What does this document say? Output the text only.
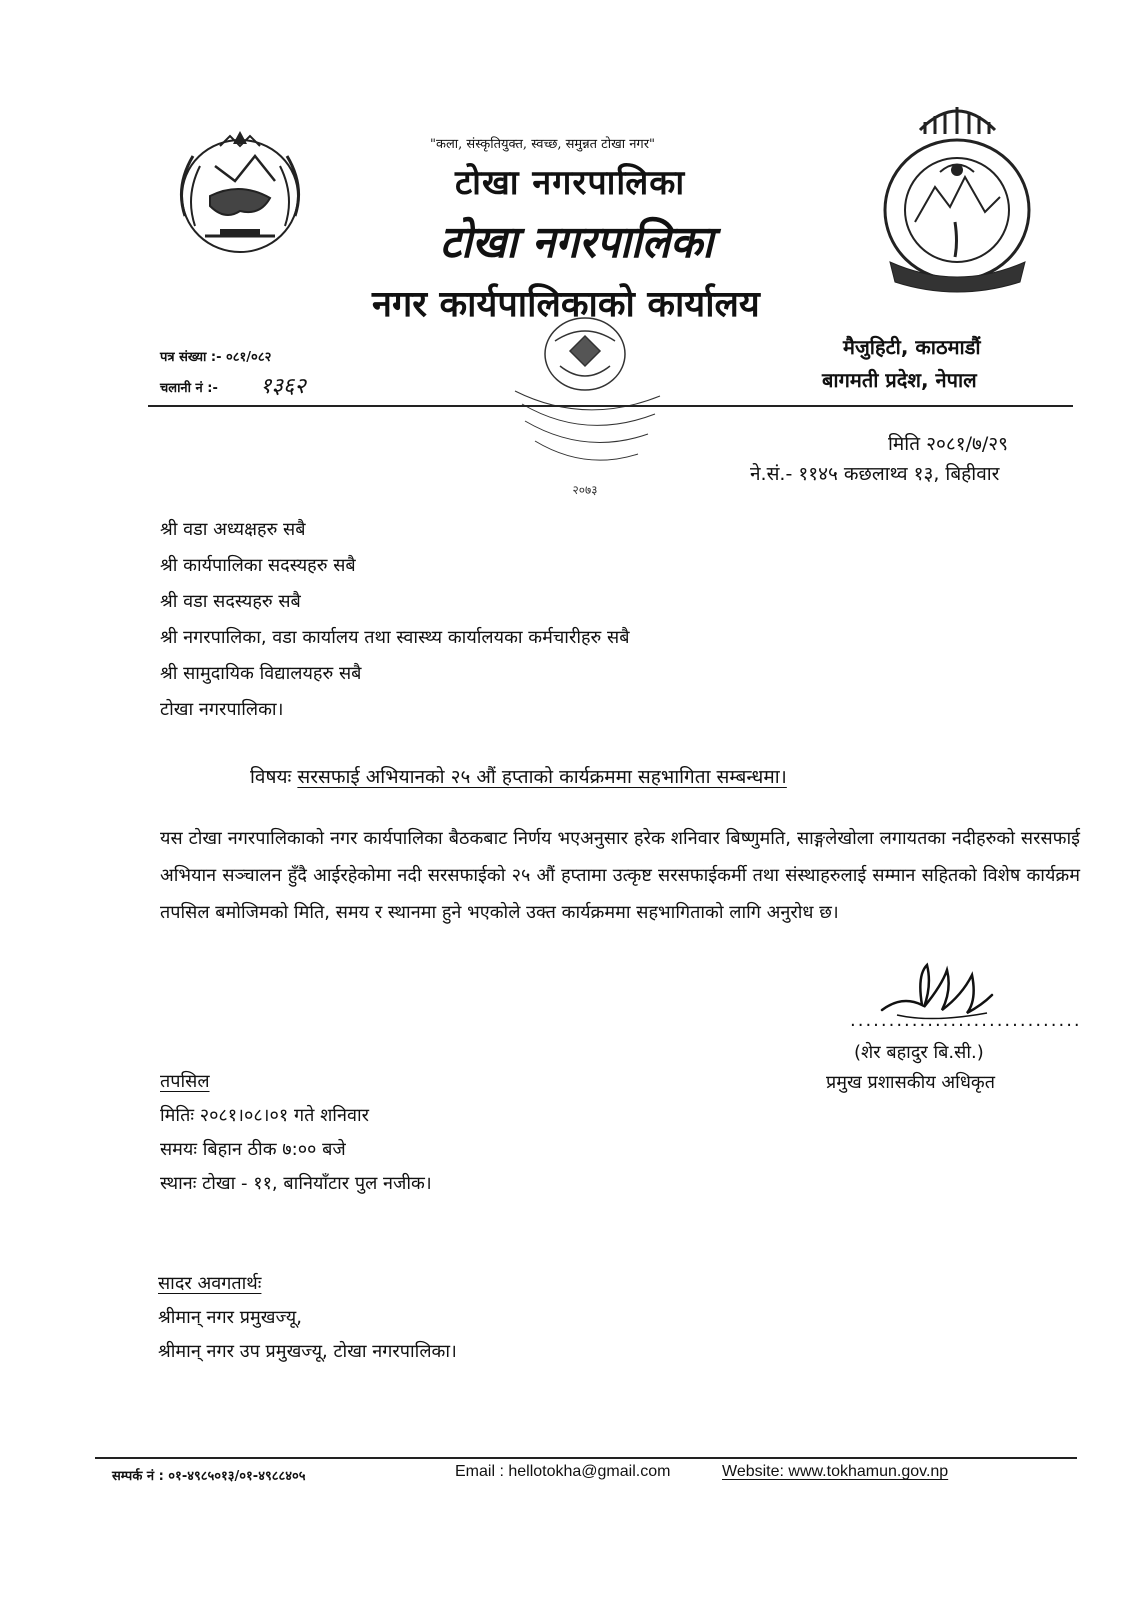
२०७३
"कला, संस्कृतियुक्त, स्वच्छ, समुन्नत टोखा नगर"
टोखा नगरपालिका
टोखा नगरपालिका
नगर कार्यपालिकाको कार्यालय
पत्र संख्या :- ०८१/०८२
चलानी नं :- १३६२
मैजुहिटी, काठमाडौं
बागमती प्रदेश, नेपाल
मिति २०८१/७/२९
ने.सं.- ११४५ कछलाथ्व १३, बिहीवार
श्री वडा अध्यक्षहरु सबै
श्री कार्यपालिका सदस्यहरु सबै
श्री वडा सदस्यहरु सबै
श्री नगरपालिका, वडा कार्यालय तथा स्वास्थ्य कार्यालयका कर्मचारीहरु सबै
श्री सामुदायिक विद्यालयहरु सबै
टोखा नगरपालिका।
विषयः सरसफाई अभियानको २५ औं हप्ताको कार्यक्रममा सहभागिता सम्बन्धमा।
यस टोखा नगरपालिकाको नगर कार्यपालिका बैठकबाट निर्णय भएअनुसार हरेक शनिवार बिष्णुमति, साङ्गलेखोला लगायतका नदीहरुको सरसफाई अभियान सञ्चालन हुँदै आईरहेकोमा नदी सरसफाईको २५ औं हप्तामा उत्कृष्ट सरसफाईकर्मी तथा संस्थाहरुलाई सम्मान सहितको विशेष कार्यक्रम तपसिल बमोजिमको मिति, समय र स्थानमा हुने भएकोले उक्त कार्यक्रममा सहभागिताको लागि अनुरोध छ।
..............................
(शेर बहादुर बि.सी.)
प्रमुख प्रशासकीय अधिकृत
तपसिल
मितिः २०८१।०८।०१ गते शनिवार
समयः बिहान ठीक ७:०० बजे
स्थानः टोखा - ११, बानियाँटार पुल नजीक।
सादर अवगतार्थः
श्रीमान् नगर प्रमुखज्यू,
श्रीमान् नगर उप प्रमुखज्यू, टोखा नगरपालिका।
सम्पर्क नं : ०१-४९८५०१३/०१-४९८८४०५	Email : hellotokha@gmail.com	Website: www.tokhamun.gov.np
